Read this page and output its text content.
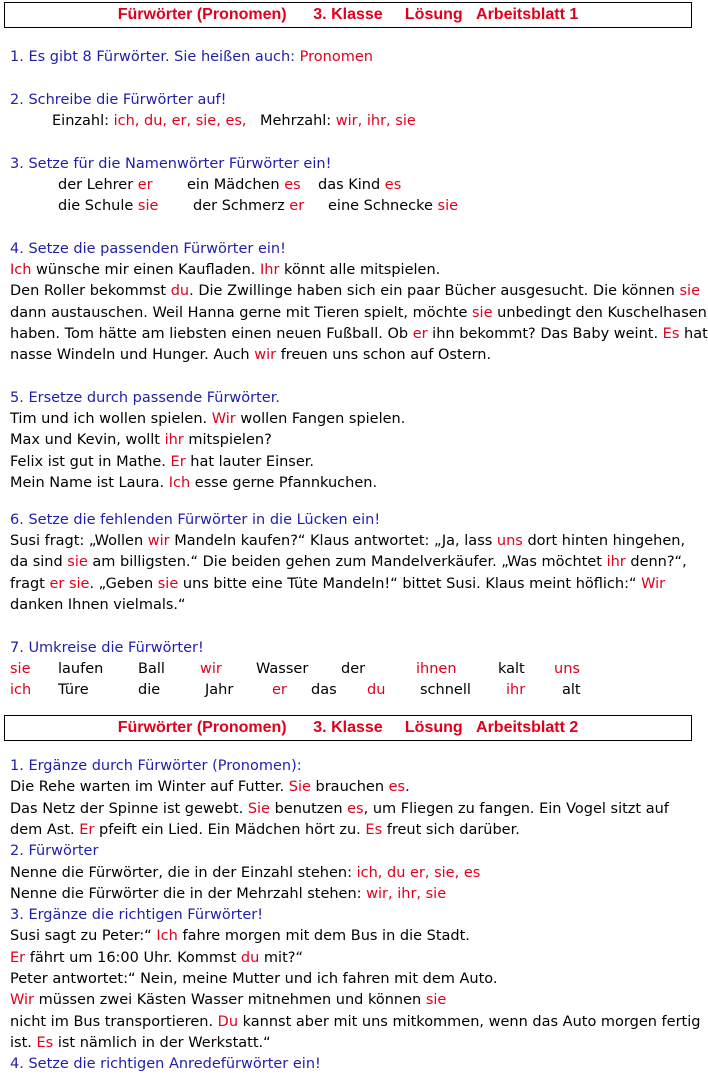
Fürwörter (Pronomen)
3. Klasse
Lösung
Arbeitsblatt 1
1. Es gibt 8 Fürwörter. Sie heißen auch: Pronomen
2. Schreibe die Fürwörter auf!
Einzahl: ich, du, er, sie, es, Mehrzahl: wir, ihr, sie
3. Setze für die Namenwörter Fürwörter ein!
der Lehrer er ein Mädchen es das Kind es
die Schule sie der Schmerz er eine Schnecke sie
4. Setze die passenden Fürwörter ein!
Ich wünsche mir einen Kaufladen. Ihr könnt alle mitspielen.
Den Roller bekommst du. Die Zwillinge haben sich ein paar Bücher ausgesucht. Die können sie
dann austauschen. Weil Hanna gerne mit Tieren spielt, möchte sie unbedingt den Kuschelhasen
haben. Tom hätte am liebsten einen neuen Fußball. Ob er ihn bekommt? Das Baby weint. Es hat
nasse Windeln und Hunger. Auch wir freuen uns schon auf Ostern.
5. Ersetze durch passende Fürwörter.
Tim und ich wollen spielen. Wir wollen Fangen spielen.
Max und Kevin, wollt ihr mitspielen?
Felix ist gut in Mathe. Er hat lauter Einser.
Mein Name ist Laura. Ich esse gerne Pfannkuchen.
6. Setze die fehlenden Fürwörter in die Lücken ein!
Susi fragt: „Wollen wir Mandeln kaufen?“ Klaus antwortet: „Ja, lass uns dort hinten hingehen,
da sind sie am billigsten.“ Die beiden gehen zum Mandelverkäufer. „Was möchtet ihr denn?“,
fragt er sie. „Geben sie uns bitte eine Tüte Mandeln!“ bittet Susi. Klaus meint höflich:“ Wir
danken Ihnen vielmals.“
7. Umkreise die Fürwörter!
sie laufen Ball wir Wasser der	ihnen	kalt uns
ich Türe	die	Jahr	er das du schnell ihr	alt
Fürwörter (Pronomen)
3. Klasse
Lösung
Arbeitsblatt 2
1. Ergänze durch Fürwörter (Pronomen):
Die Rehe warten im Winter auf Futter. Sie brauchen es.
Das Netz der Spinne ist gewebt. Sie benutzen es, um Fliegen zu fangen. Ein Vogel sitzt auf
dem Ast. Er pfeift ein Lied. Ein Mädchen hört zu. Es freut sich darüber.
2. Fürwörter
Nenne die Fürwörter, die in der Einzahl stehen: ich, du er, sie, es
Nenne die Fürwörter die in der Mehrzahl stehen: wir, ihr, sie
3. Ergänze die richtigen Fürwörter!
Susi sagt zu Peter:“ Ich fahre morgen mit dem Bus in die Stadt.
Er fährt um 16:00 Uhr. Kommst du mit?“
Peter antwortet:“ Nein, meine Mutter und ich fahren mit dem Auto.
Wir müssen zwei Kästen Wasser mitnehmen und können sie
nicht im Bus transportieren. Du kannst aber mit uns mitkommen, wenn das Auto morgen fertig
ist. Es ist nämlich in der Werkstatt.“
4. Setze die richtigen Anredefürwörter ein!
